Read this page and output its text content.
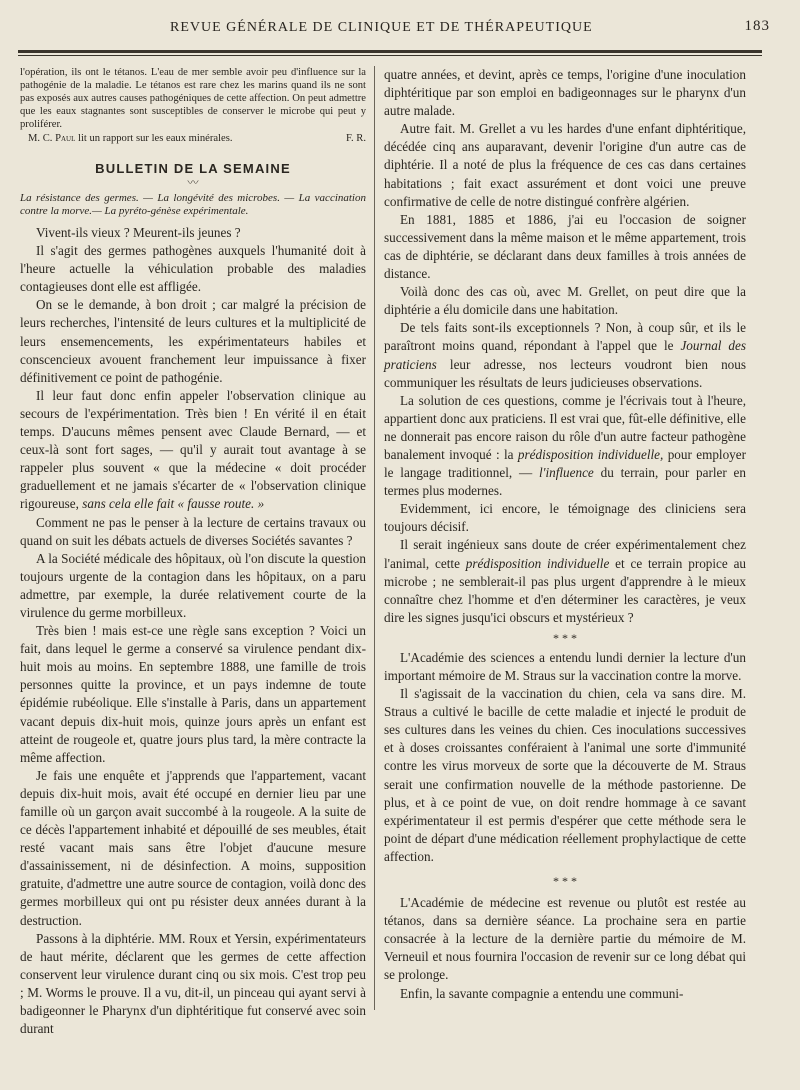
REVUE GÉNÉRALE DE CLINIQUE ET DE THÉRAPEUTIQUE	183

l'opération, ils ont le tétanos. L'eau de mer semble avoir peu d'influence sur la pathogénie de la maladie. Le tétanos est rare chez les marins quand ils ne sont pas exposés aux autres causes pathogéniques de cette affection. On peut admettre que les eaux stagnantes sont susceptibles de conserver le microbe qui peut y proliférer.

M. C. Paul lit un rapport sur les eaux minérales.	F. R.
BULLETIN DE LA SEMAINE
〰

La résistance des germes. — La longévité des microbes. — La vaccination contre la morve.— La pyréto-génèse expérimentale.

Vivent-ils vieux ? Meurent-ils jeunes ?

Il s'agit des germes pathogènes auxquels l'humanité doit à l'heure actuelle la véhiculation probable des maladies contagieuses dont elle est affligée.

On se le demande, à bon droit ; car malgré la précision de leurs recherches, l'intensité de leurs cultures et la multiplicité de leurs ensemencements, les expérimentateurs habiles et conscencieux avouent franchement leur impuissance à fixer définitivement ce point de pathogénie.

Il leur faut donc enfin appeler l'observation clinique au secours de l'expérimentation. Très bien ! En vérité il en était temps. D'aucuns mêmes pensent avec Claude Bernard, — et ceux-là sont fort sages, — qu'il y aurait tout avantage à se rappeler plus souvent « que la médecine « doit procéder graduellement et ne jamais s'écarter de « l'observation clinique rigoureuse, sans cela elle fait « fausse route. »

Comment ne pas le penser à la lecture de certains travaux ou quand on suit les débats actuels de diverses Sociétés savantes ?

A la Société médicale des hôpitaux, où l'on discute la question toujours urgente de la contagion dans les hôpitaux, on a paru admettre, par exemple, la durée relativement courte de la virulence du germe morbilleux.

Très bien ! mais est-ce une règle sans exception ? Voici un fait, dans lequel le germe a conservé sa virulence pendant dix-huit mois au moins. En septembre 1888, une famille de trois personnes quitte la province, et un pays indemne de toute épidémie rubéolique. Elle s'installe à Paris, dans un appartement vacant depuis dix-huit mois, quinze jours après un enfant est atteint de rougeole et, quatre jours plus tard, la mère contracte la même affection.

Je fais une enquête et j'apprends que l'appartement, vacant depuis dix-huit mois, avait été occupé en dernier lieu par une famille où un garçon avait succombé à la rougeole. A la suite de ce décès l'appartement inhabité et dépouillé de ses meubles, était resté vacant mais sans être l'objet d'aucune mesure d'assainissement, ni de désinfection. A moins, supposition gratuite, d'admettre une autre source de contagion, voilà donc des germes morbilleux qui ont pu résister deux années durant à la destruction.

Passons à la diphtérie. MM. Roux et Yersin, expérimentateurs de haut mérite, déclarent que les germes de cette affection conservent leur virulence durant cinq ou six mois. C'est trop peu ; M. Worms le prouve. Il a vu, dit-il, un pinceau qui ayant servi à badigeonner le Pharynx d'un diphtéritique fut conservé avec soin durant

quatre années, et devint, après ce temps, l'origine d'une inoculation diphtéritique par son emploi en badigeonnages sur le pharynx d'un autre malade.

Autre fait. M. Grellet a vu les hardes d'une enfant diphtéritique, décédée cinq ans auparavant, devenir l'origine d'un autre cas de diphtérie. Il a noté de plus la fréquence de ces cas dans certaines habitations ; fait exact assurément et dont voici une preuve confirmative de celle de notre distingué confrère algérien.

En 1881, 1885 et 1886, j'ai eu l'occasion de soigner successivement dans la même maison et le même appartement, trois cas de diphtérie, se déclarant dans deux familles à trois années de distance.

Voilà donc des cas où, avec M. Grellet, on peut dire que la diphtérie a élu domicile dans une habitation.

De tels faits sont-ils exceptionnels ? Non, à coup sûr, et ils le paraîtront moins quand, répondant à l'appel que le Journal des praticiens leur adresse, nos lecteurs voudront bien nous communiquer les résultats de leurs judicieuses observations.

La solution de ces questions, comme je l'écrivais tout à l'heure, appartient donc aux praticiens. Il est vrai que, fût-elle définitive, elle ne donnerait pas encore raison du rôle d'un autre facteur pathogène banalement invoqué : la prédisposition individuelle, pour employer le langage traditionnel, — l'influence du terrain, pour parler en termes plus modernes.

Evidemment, ici encore, le témoignage des cliniciens sera toujours décisif.

Il serait ingénieux sans doute de créer expérimentalement chez l'animal, cette prédisposition individuelle et ce terrain propice au microbe ; ne semblerait-il pas plus urgent d'apprendre à le mieux connaître chez l'homme et d'en déterminer les caractères, je veux dire les signes jusqu'ici obscurs et mystérieux ?

* * *

L'Académie des sciences a entendu lundi dernier la lecture d'un important mémoire de M. Straus sur la vaccination contre la morve.

Il s'agissait de la vaccination du chien, cela va sans dire. M. Straus a cultivé le bacille de cette maladie et injecté le produit de ses cultures dans les veines du chien. Ces inoculations successives et à doses croissantes conféraient à l'animal une sorte d'immunité contre les virus morveux de sorte que la découverte de M. Straus serait une confirmation nouvelle de la méthode pastorienne. De plus, et à ce point de vue, on doit rendre hommage à ce savant expérimentateur il est permis d'espérer que cette méthode sera le point de départ d'une médication réellement prophylactique de cette affection.

* * *

L'Académie de médecine est revenue ou plutôt est restée au tétanos, dans sa dernière séance. La prochaine sera en partie consacrée à la lecture de la dernière partie du mémoire de M. Verneuil et nous fournira l'occasion de revenir sur ce long débat qui se prolonge.

Enfin, la savante compagnie a entendu une communi-
